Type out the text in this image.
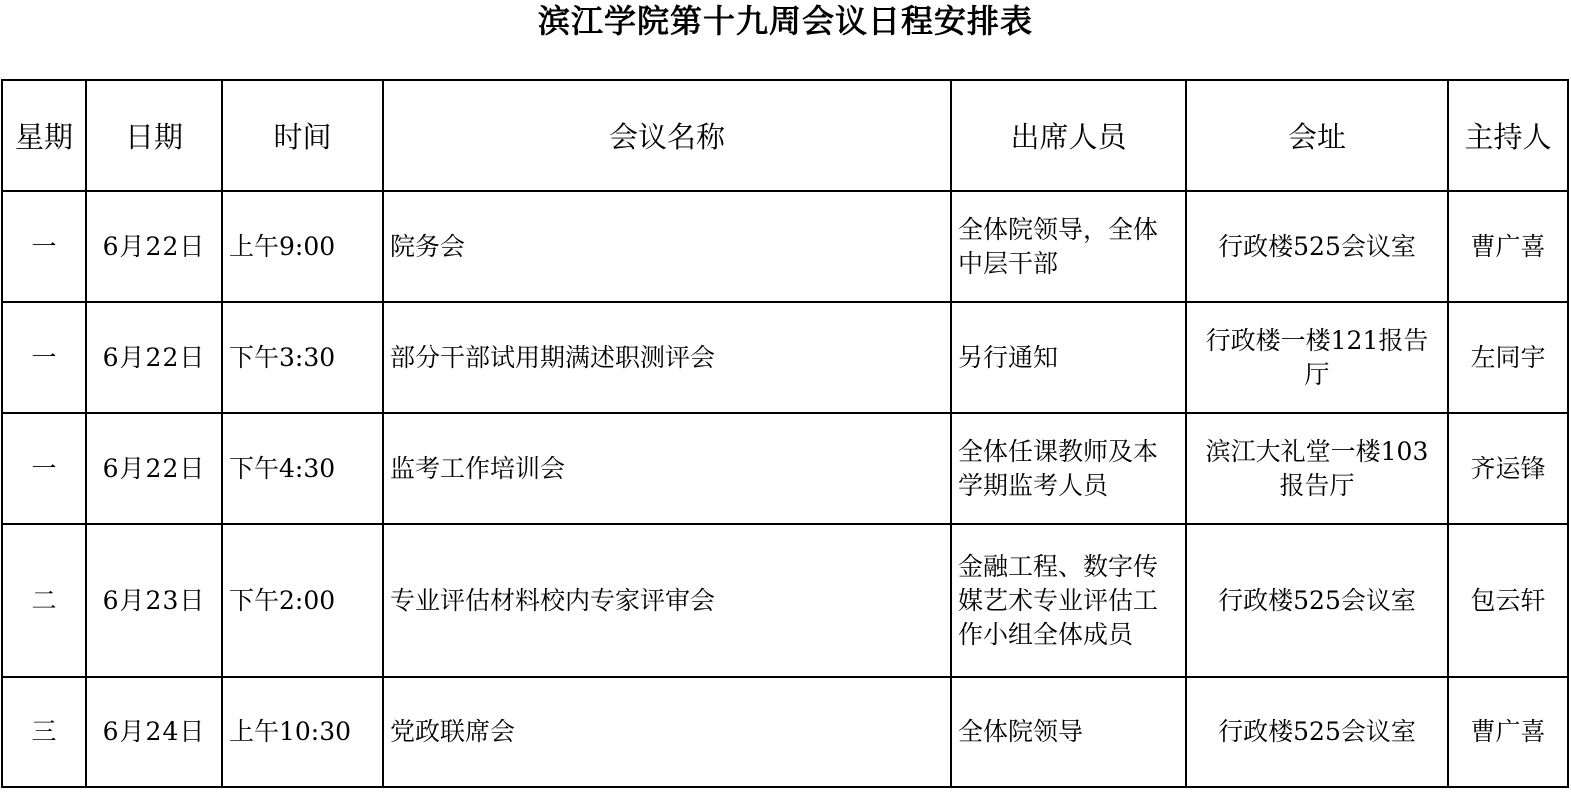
滨江学院第十九周会议日程安排表
星期	日期	时间	会议名称	出席人员	会址	主持人
一	6月22日	上午9:00	院务会	全体院领导，全体中层干部	行政楼525会议室	曹广喜
一	6月22日	下午3:30	部分干部试用期满述职测评会	另行通知	行政楼一楼121报告厅	左同宇
一	6月22日	下午4:30	监考工作培训会	全体任课教师及本学期监考人员	滨江大礼堂一楼103报告厅	齐运锋
二	6月23日	下午2:00	专业评估材料校内专家评审会	金融工程、数字传媒艺术专业评估工作小组全体成员	行政楼525会议室	包云轩
三	6月24日	上午10:30	党政联席会	全体院领导	行政楼525会议室	曹广喜
